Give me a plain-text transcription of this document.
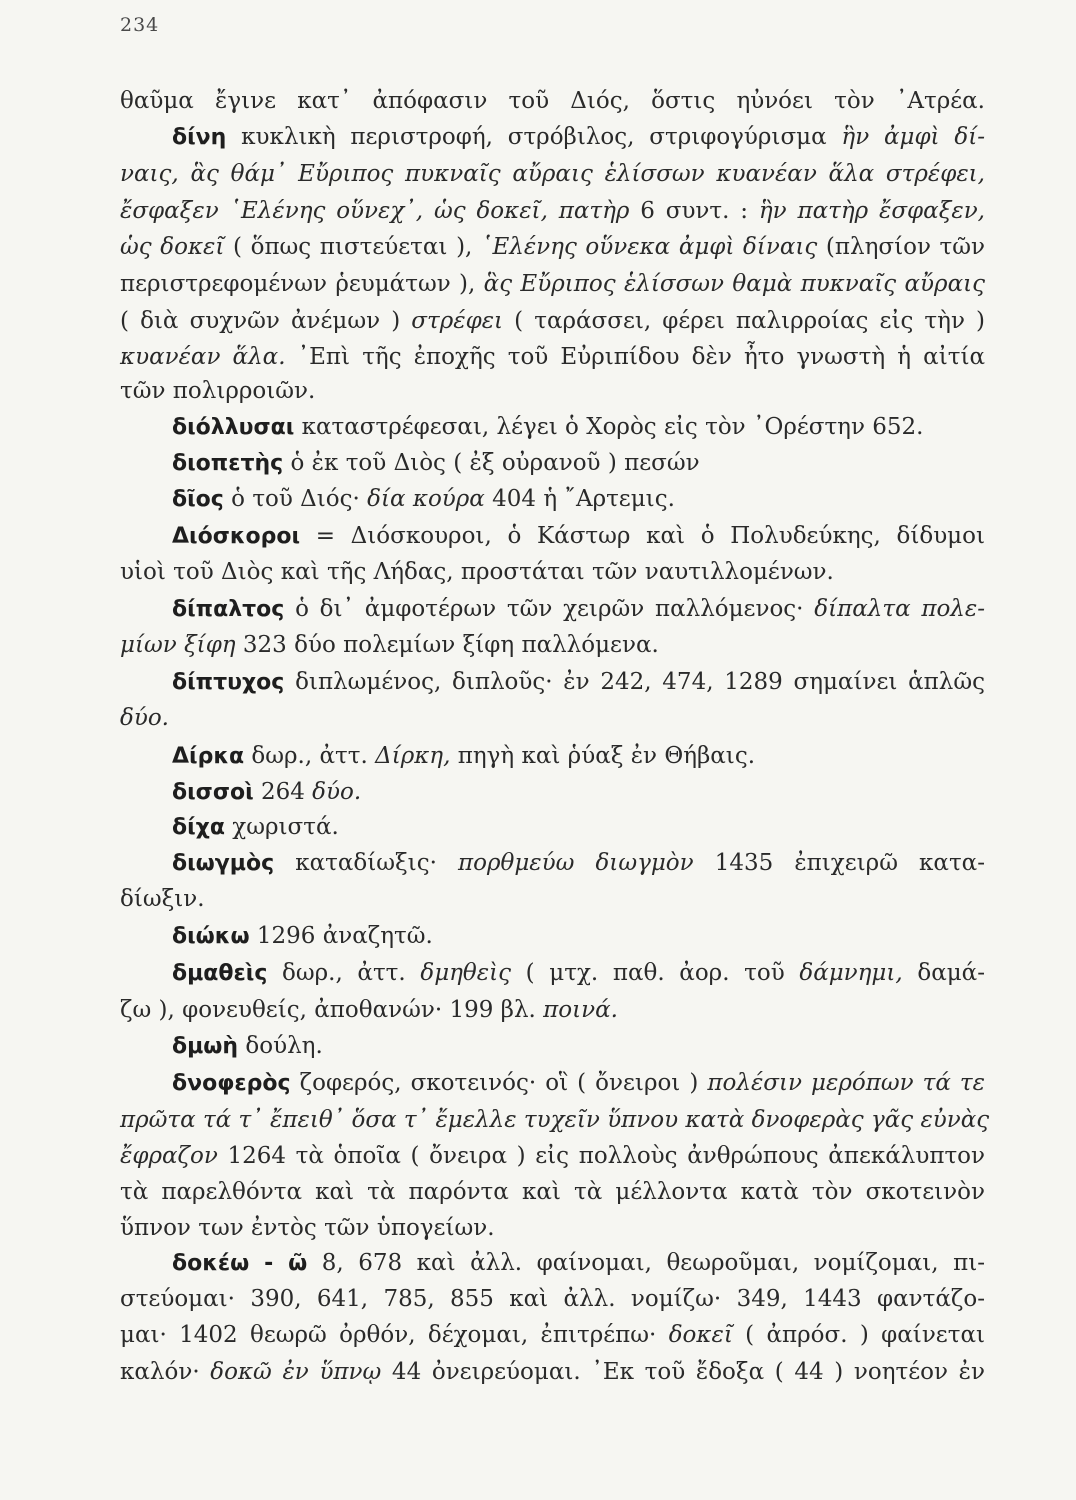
234
θαῦμα ἔγινε κατ᾽ ἀπόφασιν τοῦ Διός, ὅστις ηὐνόει τὸν ᾽Ατρέα.
δίνη κυκλικὴ περιστροφή, στρόβιλος, στριφογύρισμα ἣν ἀμφὶ δί-
ναις, ἃς θάμ᾽ Εὔριπος πυκναῖς αὔραις ἑλίσσων κυανέαν ἅλα στρέφει,
ἔσφαξεν ῾Ελένης οὕνεχ᾽, ὡς δοκεῖ, πατὴρ 6 συντ. : ἣν πατὴρ ἔσφαξεν,
ὡς δοκεῖ ( ὅπως πιστεύεται ), ῾Ελένης οὕνεκα ἀμφὶ δίναις (πλησίον τῶν
περιστρεφομένων ῥευμάτων ), ἃς Εὔριπος ἑλίσσων θαμὰ πυκναῖς αὔραις
( διὰ συχνῶν ἀνέμων ) στρέφει ( ταράσσει, φέρει παλιρροίας εἰς τὴν )
κυανέαν ἅλα. ᾽Επὶ τῆς ἐποχῆς τοῦ Εὐριπίδου δὲν ἦτο γνωστὴ ἡ αἰτία
τῶν πολιρροιῶν.
διόλλυσαι καταστρέφεσαι, λέγει ὁ Χορὸς εἰς τὸν ᾽Ορέστην 652.
διοπετὴς ὁ ἐκ τοῦ Διὸς ( ἐξ οὐρανοῦ ) πεσών
δῖος ὁ τοῦ Διός· δία κούρα 404 ἡ ῎Αρτεμις.
Διόσκοροι = Διόσκουροι, ὁ Κάστωρ καὶ ὁ Πολυδεύκης, δίδυμοι
υἱοὶ τοῦ Διὸς καὶ τῆς Λήδας, προστάται τῶν ναυτιλλομένων.
δίπαλτος ὁ δι᾽ ἀμφοτέρων τῶν χειρῶν παλλόμενος· δίπαλτα πολε-
μίων ξίφη 323 δύο πολεμίων ξίφη παλλόμενα.
δίπτυχος διπλωμένος, διπλοῦς· ἐν 242, 474, 1289 σημαίνει ἁπλῶς
δύο.
Δίρκα δωρ., ἀττ. Δίρκη, πηγὴ καὶ ῥύαξ ἐν Θήβαις.
δισσοὶ 264 δύο.
δίχα χωριστά.
διωγμὸς καταδίωξις· πορθμεύω διωγμὸν 1435 ἐπιχειρῶ κατα-
δίωξιν.
διώκω 1296 ἀναζητῶ.
δμαθεὶς δωρ., ἀττ. δμηθεὶς ( μτχ. παθ. ἀορ. τοῦ δάμνημι, δαμά-
ζω ), φονευθείς, ἀποθανών· 199 βλ. ποινά.
δμωὴ δούλη.
δνοφερὸς ζοφερός, σκοτεινός· οἳ ( ὄνειροι ) πολέσιν μερόπων τά τε
πρῶτα τά τ᾽ ἔπειθ᾽ ὅσα τ᾽ ἔμελλε τυχεῖν ὕπνου κατὰ δνοφερὰς γᾶς εὐνὰς
ἔφραζον 1264 τὰ ὁποῖα ( ὄνειρα ) εἰς πολλοὺς ἀνθρώπους ἀπεκάλυπτον
τὰ παρελθόντα καὶ τὰ παρόντα καὶ τὰ μέλλοντα κατὰ τὸν σκοτεινὸν
ὕπνον των ἐντὸς τῶν ὑπογείων.
δοκέω - ῶ 8, 678 καὶ ἀλλ. φαίνομαι, θεωροῦμαι, νομίζομαι, πι-
στεύομαι· 390, 641, 785, 855 καὶ ἀλλ. νομίζω· 349, 1443 φαντάζο-
μαι· 1402 θεωρῶ ὀρθόν, δέχομαι, ἐπιτρέπω· δοκεῖ ( ἀπρόσ. ) φαίνεται
καλόν· δοκῶ ἐν ὕπνῳ 44 ὀνειρεύομαι. ᾽Εκ τοῦ ἔδοξα ( 44 ) νοητέον ἐν
